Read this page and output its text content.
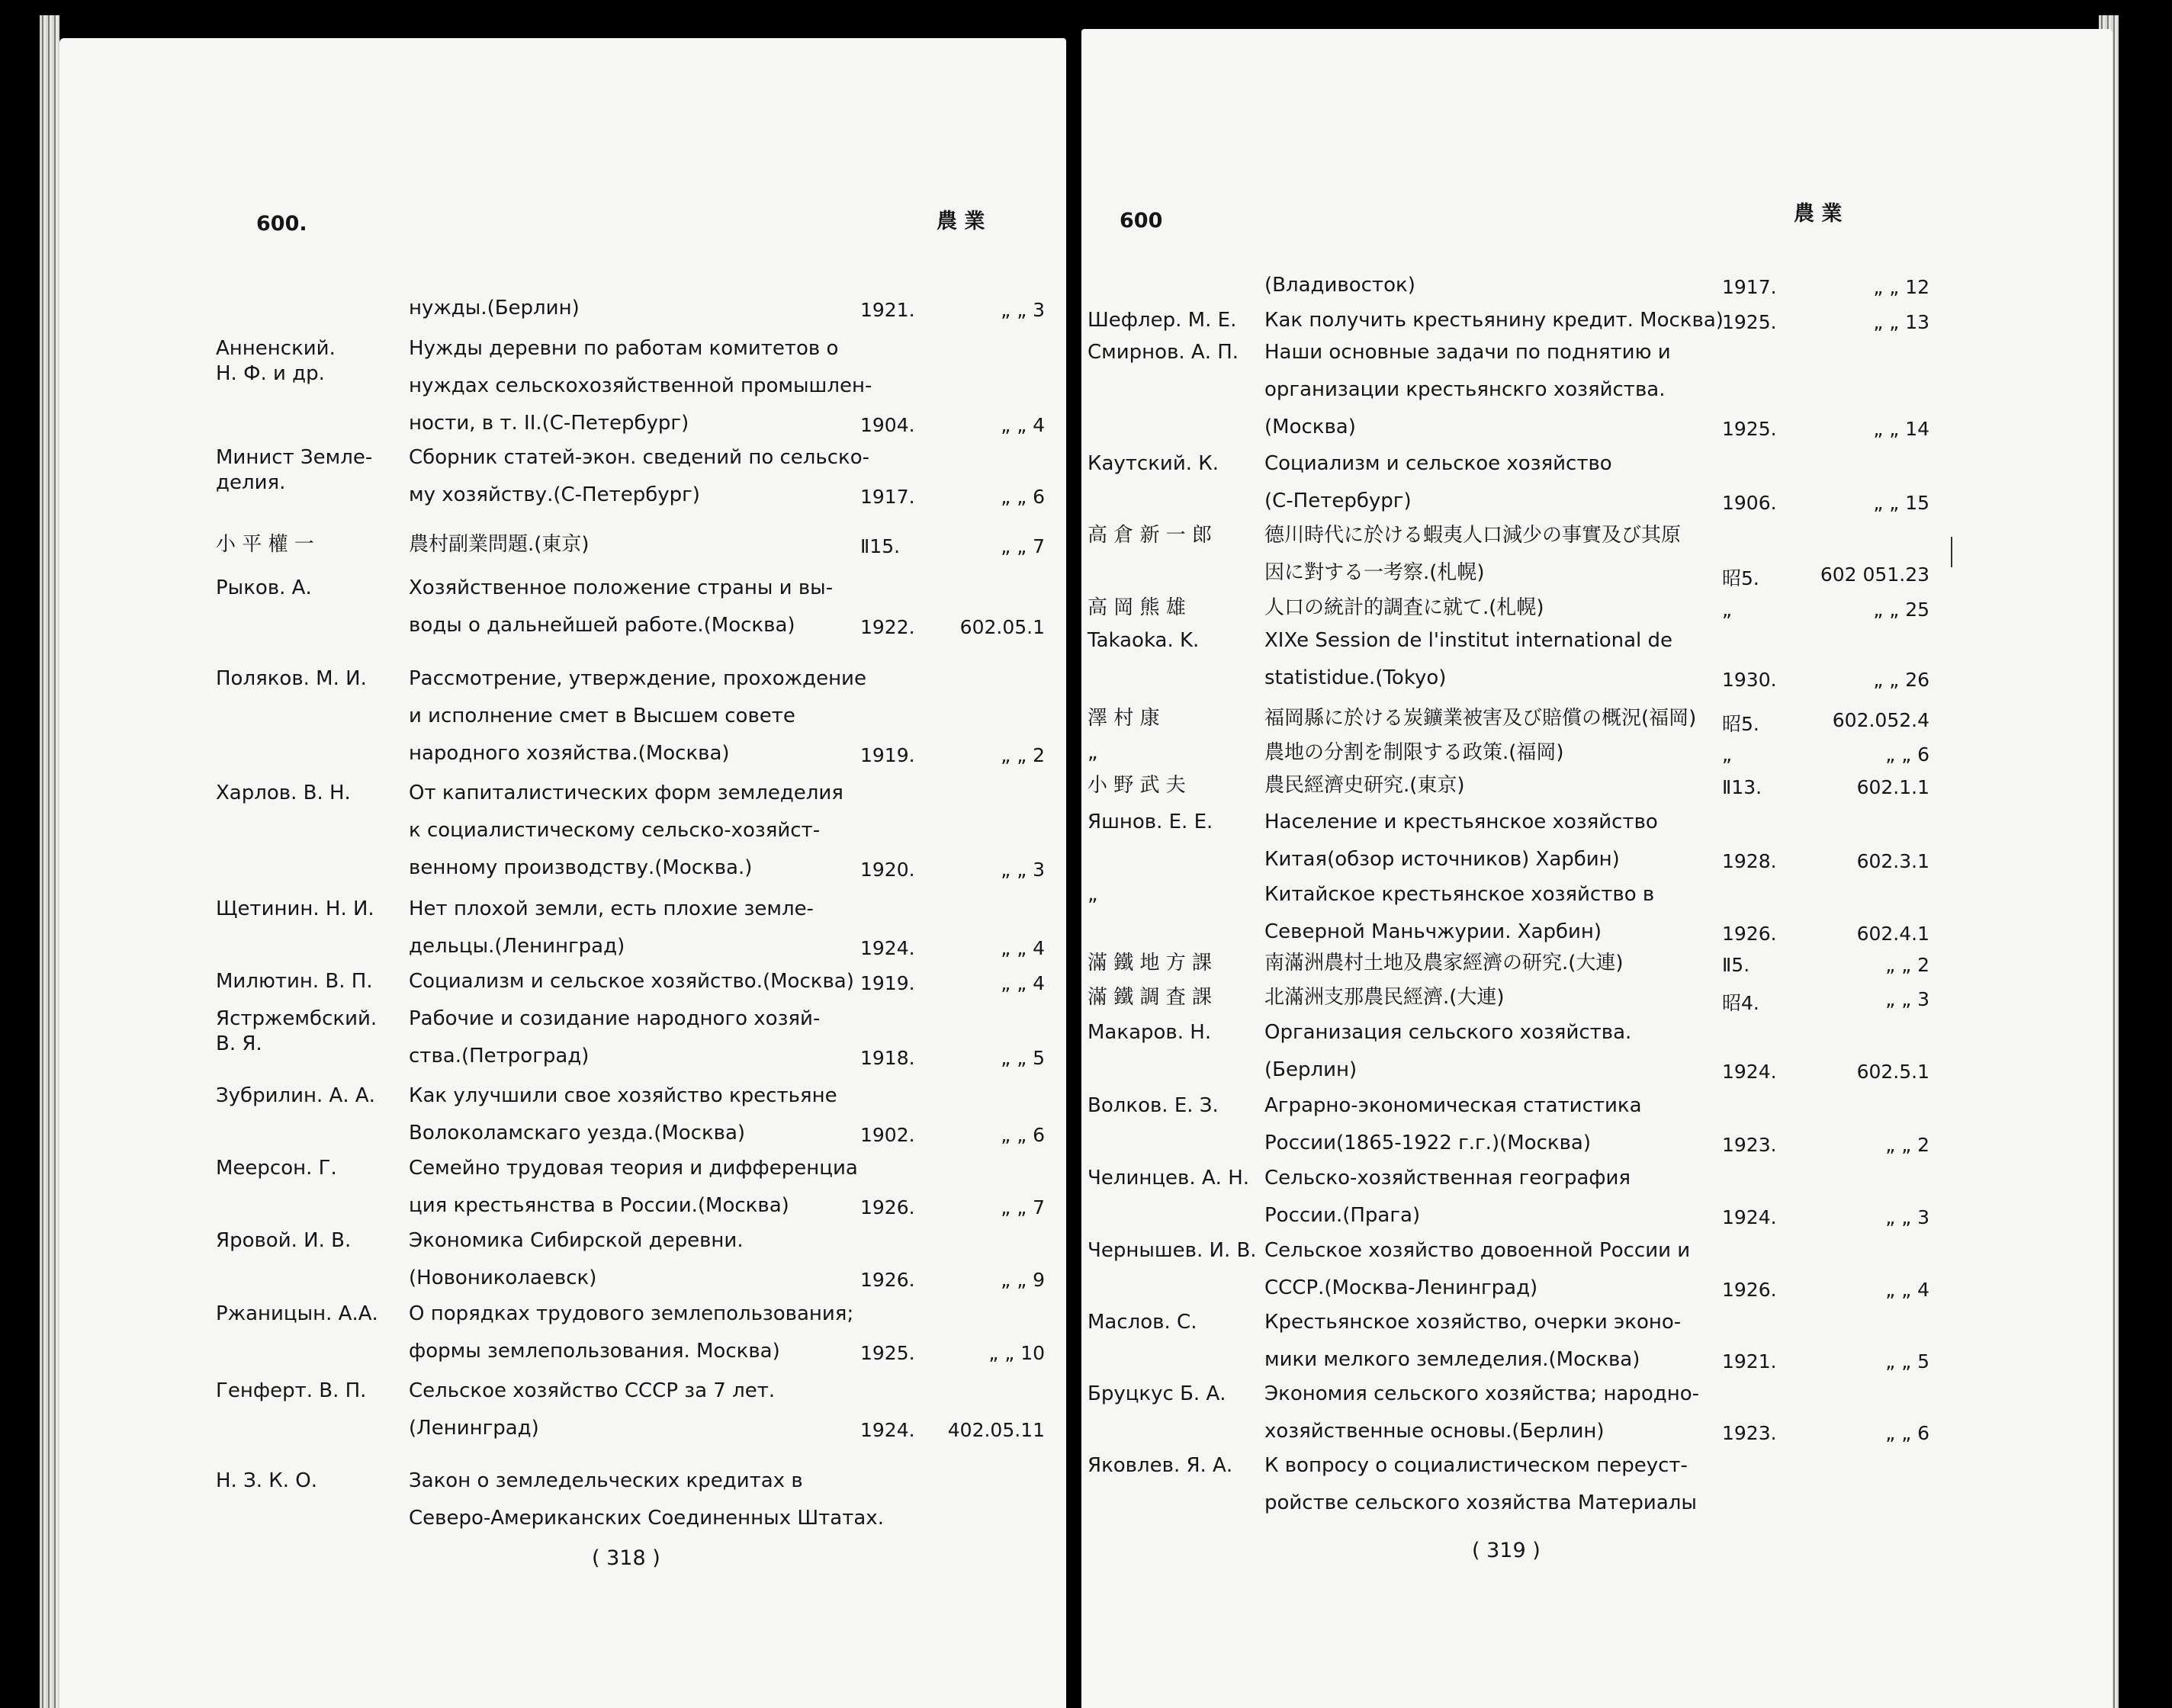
600.	農 業
нужды.(Берлин)	1921.	„ „ 3
Анненский.
Н. Ф. и др.
Нужды деревни по работам комитетов о
нуждах сельскохозяйственной промышлен-
ности, в т. II.(С-Петербург)	1904.	„ „ 4
Минист Земле-
делия.
Сборник статей-экон. сведений по сельско-
му хозяйству.(С-Петербург)	1917.	„ „ 6
小 平 權 一	農村副業問題.(東京)	Ⅱ15.	„ „ 7
Рыков. А.	Хозяйственное положение страны и вы-
воды о дальнейшей работе.(Москва)	1922. 602.05.1
Поляков. М. И. Рассмотрение, утверждение, прохождение
и исполнение смет в Высшем совете
народного хозяйства.(Москва)	1919.	„ „ 2
Харлов. В. Н.	От капиталистических форм земледелия
к социалистическому сельско-хозяйст-
венному производству.(Москва.)	1920.	„ „ 3
Щетинин. Н. И. Нет плохой земли, есть плохие земле-
дельцы.(Ленинград)	1924.	„ „ 4
Милютин. В. П. Социализм и сельское хозяйство.(Москва) 1919.	„ „ 4
Ястржембский.
В. Я.
Рабочие и созидание народного хозяй-
ства.(Петроград)	1918.	„ „ 5
Зубрилин. А. А. Как улучшили свое хозяйство крестьяне
Волоколамскаго уезда.(Москва)	1902.	„ „ 6
Меерсон. Г.	Семейно трудовая теория и дифференциа
ция крестьянства в России.(Москва)	1926.	„ „ 7
Яровой. И. В.	Экономика Сибирской деревни.
(Новониколаевск)	1926.	„ „ 9
Ржаницын. А.А. О порядках трудового землепользования;
формы землепользования. Москва)	1925.	„ „ 10
Генферт. В. П. Сельское хозяйство СССР за 7 лет.
(Ленинград)	1924. 402.05.11
Н. З. К. О.	Закон о земледельческих кредитах в
Северо-Американских Соединенных Штатах.
( 318 )
600	農 業
(Владивосток)	1917.	„ „ 12
Шефлер. М. Е. Как получить крестьянину кредит. Москва)
1925.	„ „ 13
Смирнов. А. П. Наши основные задачи по поднятию и
организации крестьянскго хозяйства.
(Москва)	1925.	„ „ 14
Каутский. К. Социализм и сельское хозяйство
(С-Петербург)	1906.	„ „ 15
高 倉 新 一 郎	德川時代に於ける蝦夷人口減少の事實及び其原
因に對する一考察.(札幌)	昭5.	602 051.23
高 岡 熊 雄	人口の統計的調査に就て.(札幌)	„	„ „ 25
Takaoka. K.	XIXe Session de l'institut international de
statistidue.(Tokyo)	1930.	„ „ 26
澤 村 康	福岡縣に於ける炭鑛業被害及び賠償の概況(福岡) 昭5.	602.052.4
„	農地の分割を制限する政策.(福岡)	„	„ „ 6
小 野 武 夫	農民經濟史研究.(東京)	Ⅱ13.	602.1.1
Яшнов. Е. Е.	Население и крестьянское хозяйство
Китая(обзор источников) Харбин)	1928.	602.3.1
„	Китайское крестьянское хозяйство в
Северной Маньчжурии. Харбин)	1926.	602.4.1
滿 鐵 地 方 課	南滿洲農村土地及農家經濟の研究.(大連)	Ⅱ5.	„ „ 2
滿 鐵 調 査 課	北滿洲支那農民經濟.(大連)	昭4.	„ „ 3
Макаров. Н.	Организация сельского хозяйства.
(Берлин)	1924.	602.5.1
Волков. Е. З. Аграрно-экономическая статистика
России(1865-1922 г.г.)(Москва)	1923.	„ „ 2
Челинцев. А. Н. Сельско-хозяйственная география
России.(Прага)	1924.	„ „ 3
Чернышев. И. В. Сельское хозяйство довоенной России и
СССР.(Москва-Ленинград)	1926.	„ „ 4
Маслов. С.	Крестьянское хозяйство, очерки эконо-
мики мелкого земледелия.(Москва)	1921.	„ „ 5
Бруцкус Б. А. Экономия сельского хозяйства; народно-
хозяйственные основы.(Берлин)	1923.	„ „ 6
Яковлев. Я. А. К вопросу о социалистическом переуст-
ройстве сельского хозяйства Материалы
( 319 )
